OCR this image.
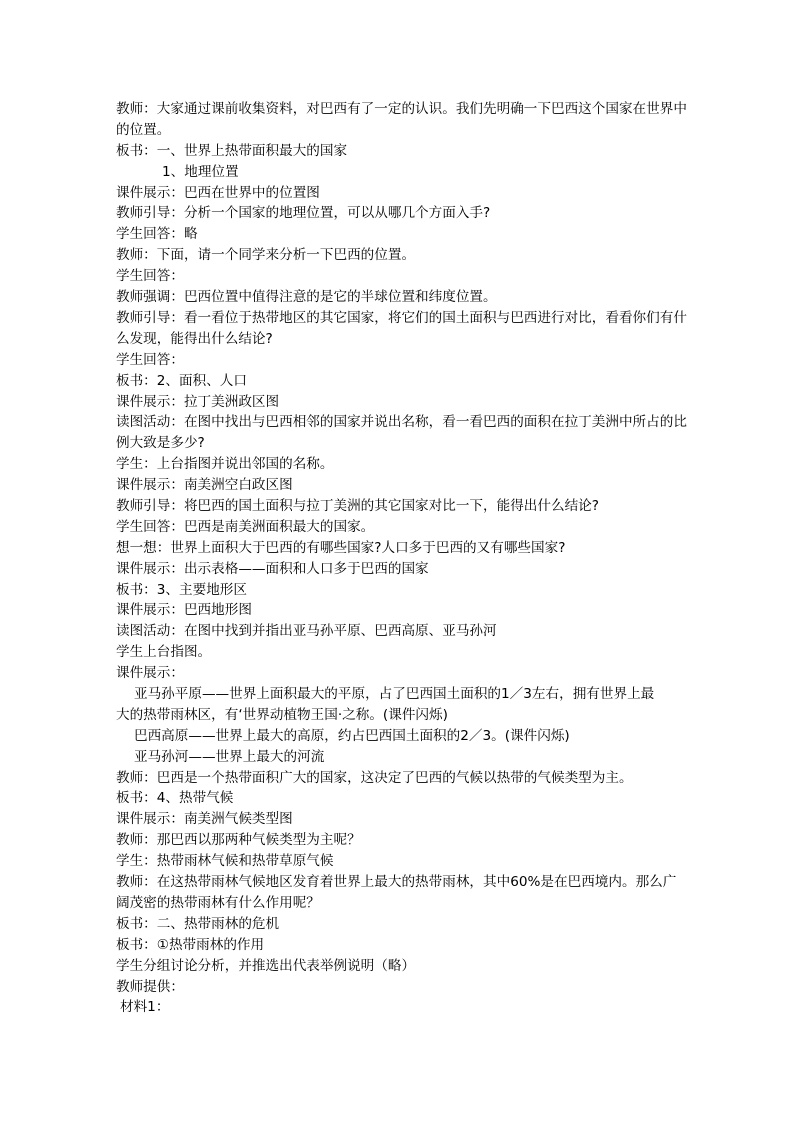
教师：大家通过课前收集资料，对巴西有了一定的认识。我们先明确一下巴西这个国家在世界中的位置。
板书：一、世界上热带面积最大的国家
1、地理位置
课件展示：巴西在世界中的位置图
教师引导：分析一个国家的地理位置，可以从哪几个方面入手?
学生回答：略
教师：下面，请一个同学来分析一下巴西的位置。
学生回答：
教师强调：巴西位置中值得注意的是它的半球位置和纬度位置。
教师引导：看一看位于热带地区的其它国家，将它们的国土面积与巴西进行对比，看看你们有什么发现，能得出什么结论?
学生回答：
板书：2、面积、人口
课件展示：拉丁美洲政区图
读图活动：在图中找出与巴西相邻的国家并说出名称，看一看巴西的面积在拉丁美洲中所占的比例大致是多少?
学生：上台指图并说出邻国的名称。
课件展示：南美洲空白政区图
教师引导：将巴西的国土面积与拉丁美洲的其它国家对比一下，能得出什么结论?
学生回答：巴西是南美洲面积最大的国家。
想一想：世界上面积大于巴西的有哪些国家?人口多于巴西的又有哪些国家?
课件展示：出示表格——面积和人口多于巴西的国家
板书：3、主要地形区
课件展示：巴西地形图
读图活动：在图中找到并指出亚马孙平原、巴西高原、亚马孙河
学生上台指图。
课件展示：
亚马孙平原——世界上面积最大的平原，占了巴西国土面积的1／3左右，拥有世界上最
大的热带雨林区，有‘世界动植物王国·之称。(课件闪烁)
巴西高原——世界上最大的高原，约占巴西国土面积的2／3。(课件闪烁)
亚马孙河——世界上最大的河流
教师：巴西是一个热带面积广大的国家，这决定了巴西的气候以热带的气候类型为主。
板书：4、热带气候
课件展示：南美洲气候类型图
教师：那巴西以那两种气候类型为主呢？
学生：热带雨林气候和热带草原气候
教师：在这热带雨林气候地区发育着世界上最大的热带雨林，其中60%是在巴西境内。那么广阔茂密的热带雨林有什么作用呢？
板书：二、热带雨林的危机
板书：①热带雨林的作用
学生分组讨论分析，并推选出代表举例说明（略）
教师提供：
材料1：
